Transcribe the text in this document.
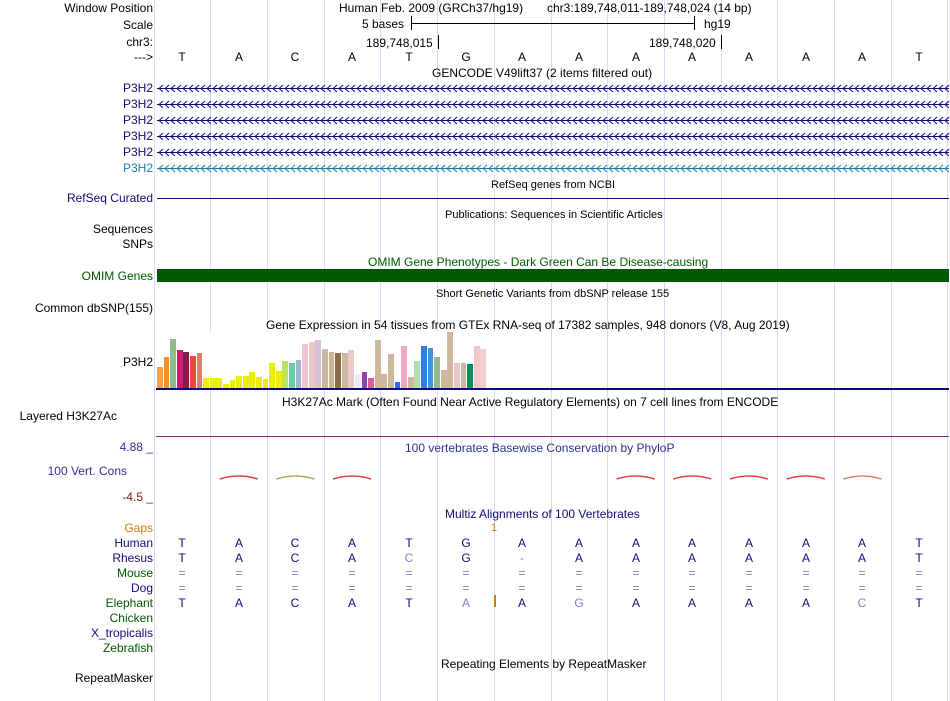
Window Position
Scale
chr3:
--->
Human Feb. 2009 (GRCh37/hg19) chr3:189,748,011-189,748,024 (14 bp)
5 bases	hg19
189,748,015	189,748,020
T	A	C	A	T	G	A	A	A	A	A	A	A	T
GENCODE V49lift37 (2 items filtered out)
P3H2
P3H2
P3H2
P3H2
P3H2
P3H2
RefSeq genes from NCBI
RefSeq Curated
Publications: Sequences in Scientific Articles
Sequences
SNPs
OMIM Gene Phenotypes - Dark Green Can Be Disease-causing
OMIM Genes
Short Genetic Variants from dbSNP release 155
Common dbSNP(155)
Gene Expression in 54 tissues from GTEx RNA-seq of 17382 samples, 948 donors (V8, Aug 2019)
P3H2
H3K27Ac Mark (Often Found Near Active Regulatory Elements) on 7 cell lines from ENCODE
Layered H3K27Ac
100 vertebrates Basewise Conservation by PhyloP
4.88 _
100 Vert. Cons
-4.5 _
Multiz Alignments of 100 Vertebrates
Gaps	1
Human T	A	C	A	T	G	A	A	A	A	A	A	A	T
Rhesus T	A	C	A	C	G	-	A	A	A	A	A	A	T
Mouse =	=	=	=	=	=	=	=	=	=	=	=	=	=
Dog =	=	=	=	=	=	=	=	=	=	=	=	=	=
Elephant T	A	C	A	T	A	A	G	A	A	A	A	C	T
Chicken
X_tropicalis
Zebrafish
Repeating Elements by RepeatMasker
RepeatMasker
